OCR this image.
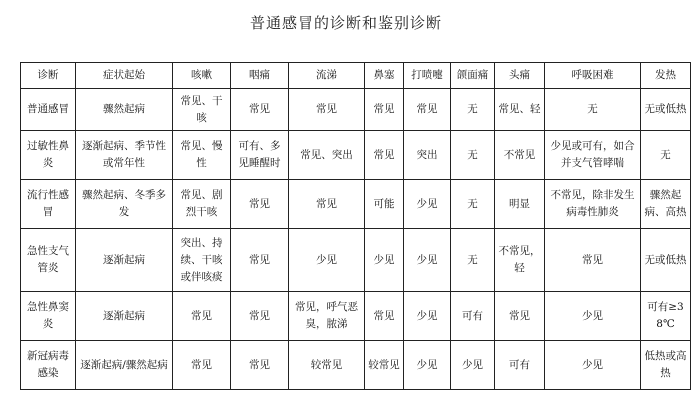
普通感冒的诊断和鉴别诊断
诊断	症状起始	咳嗽	咽痛	流涕	鼻塞	打喷嚏	颌面痛	头痛	呼吸困难	发热
普通感冒	骤然起病	常见、干咳	常见	常见	常见	常见	无	常见、轻	无	无或低热
过敏性鼻炎	逐渐起病、季节性或常年性	常见、慢性	可有、多见睡醒时	常见、突出	常见	突出	无	不常见	少见或可有，如合并支气管哮喘	无
流行性感冒	骤然起病、冬季多发	常见、剧烈干咳	常见	常见	可能	少见	无	明显	不常见，除非发生病毒性肺炎	骤然起病、高热
急性支气管炎	逐渐起病	突出、持续、干咳或伴咳痰	常见	少见	少见	少见	无	不常见，轻	常见	无或低热
急性鼻窦炎	逐渐起病	常见	常见	常见，呼气恶臭，脓涕	常见	少见	可有	常见	少见	可有≥38℃
新冠病毒感染	逐渐起病/骤然起病	常见	常见	较常见	较常见	少见	少见	可有	少见	低热或高热
